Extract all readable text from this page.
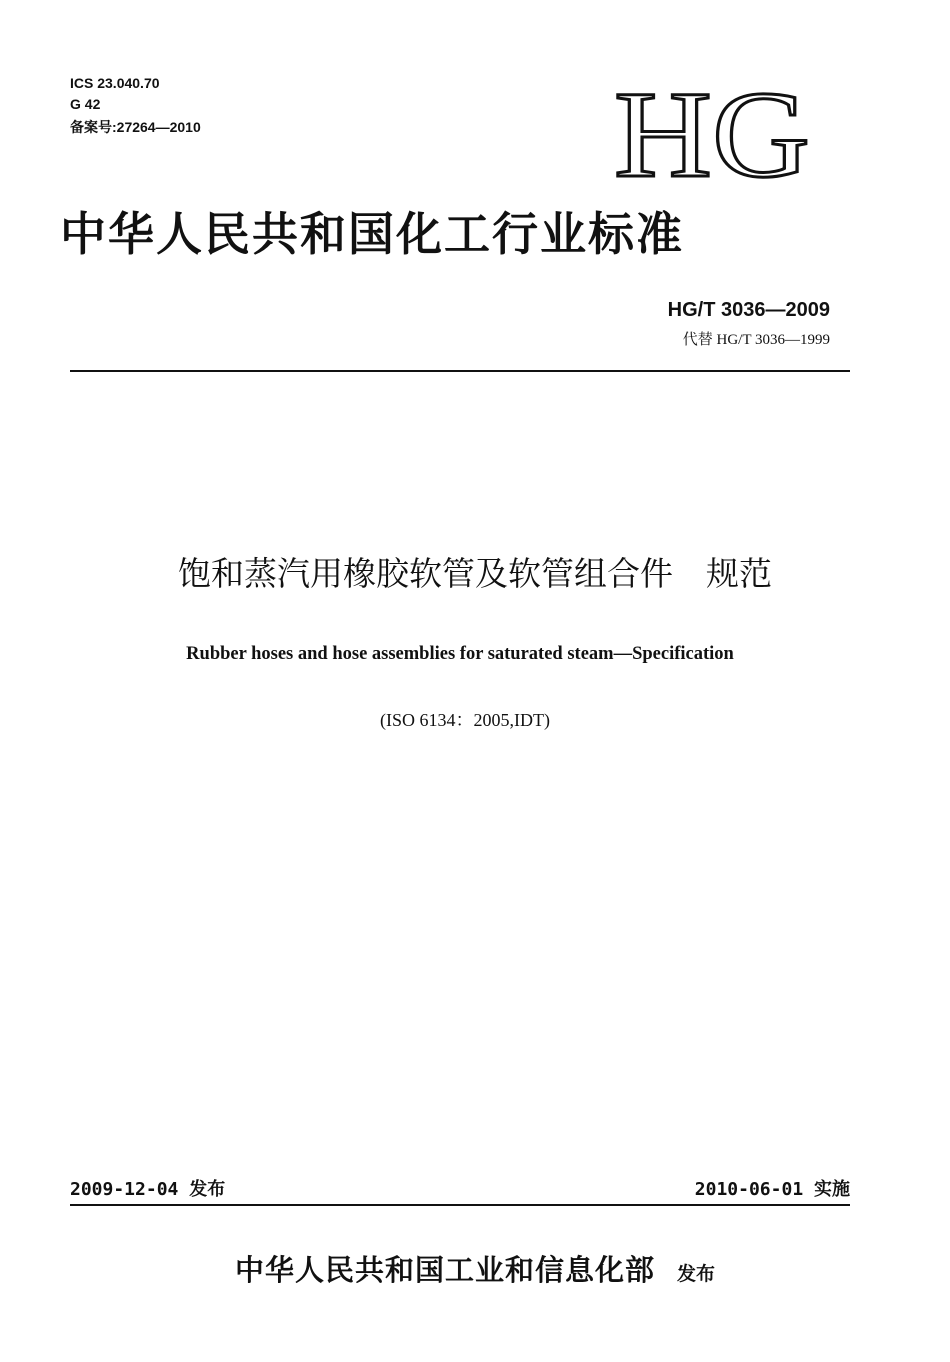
ICS 23.040.70
G 42
备案号:27264—2010	HG
中华人民共和国化工行业标准
HG/T 3036—2009
代替 HG/T 3036—1999
饱和蒸汽用橡胶软管及软管组合件　规范
Rubber hoses and hose assemblies for saturated steam—Specification
(ISO 6134：2005,IDT)
2009-12-04 发布	2010-06-01 实施
中华人民共和国工业和信息化部 发布
